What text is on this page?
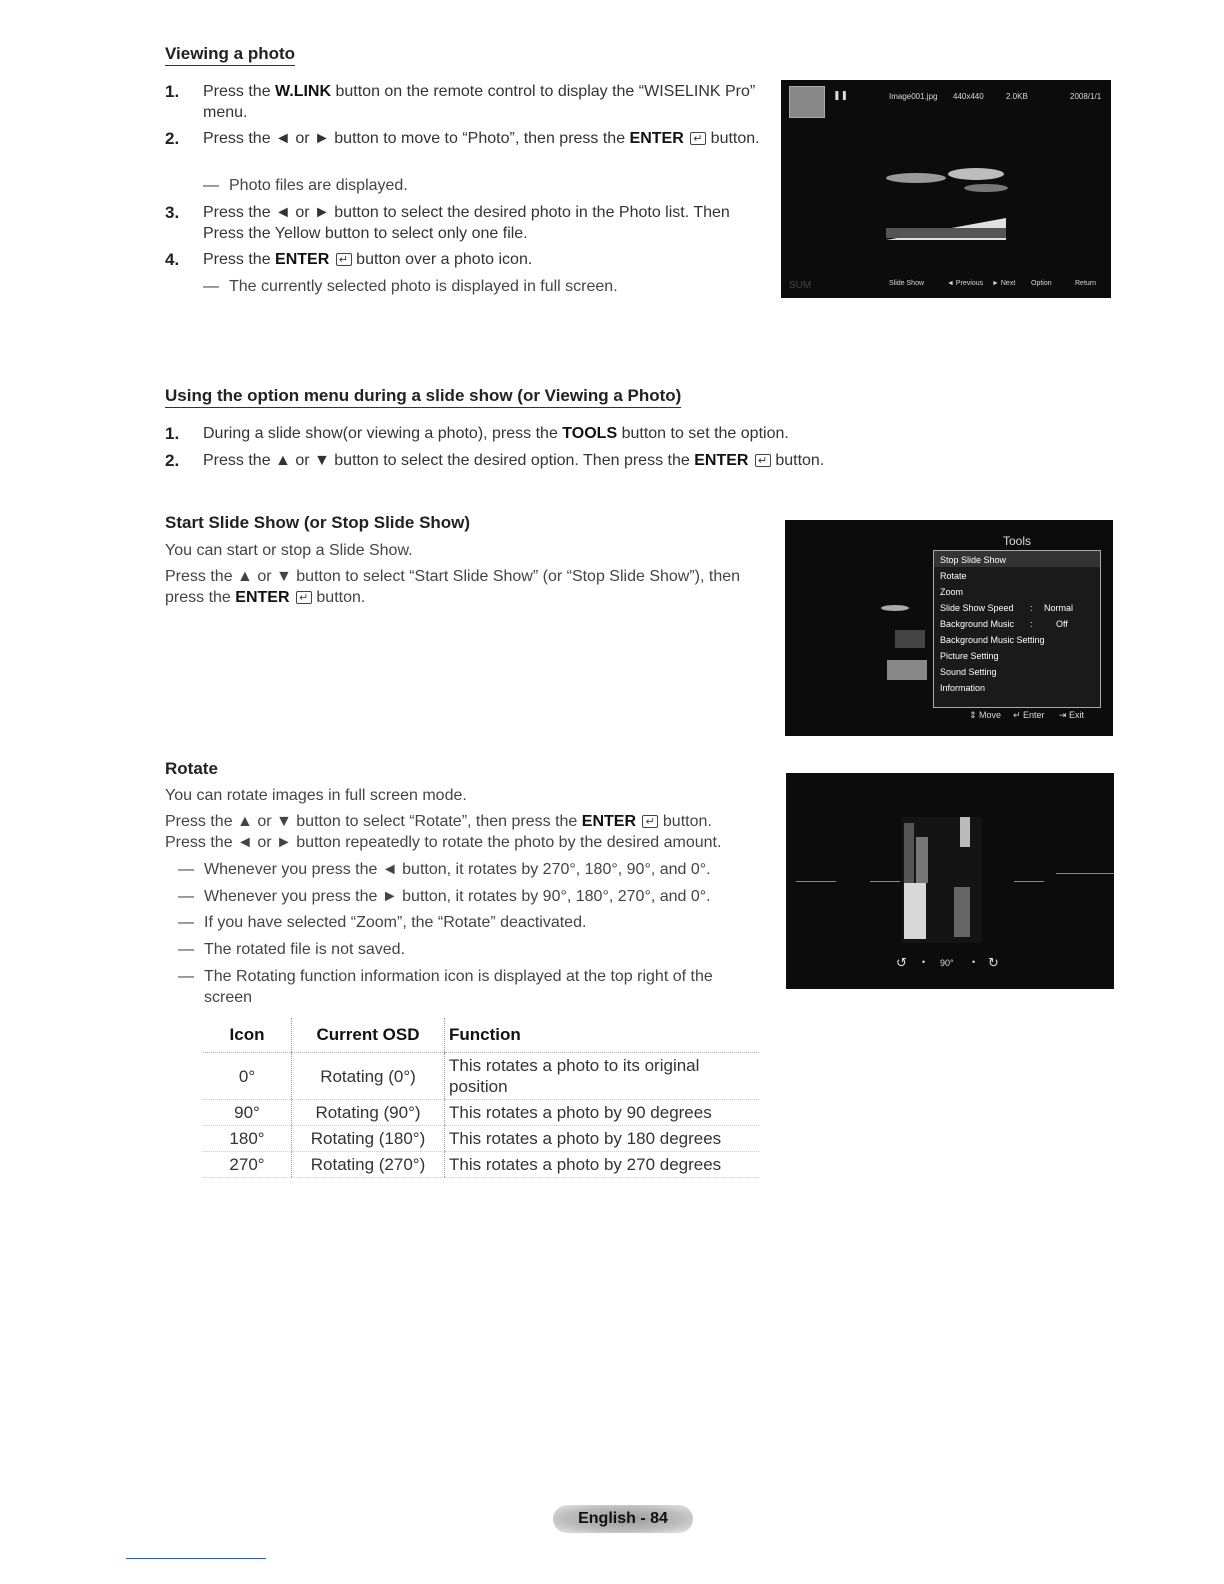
Viewing a photo
1. Press the W.LINK button on the remote control to display the “WISELINK Pro” menu.
2. Press the ◄ or ► button to move to “Photo”, then press the ENTER ↵ button.
— Photo files are displayed.
3. Press the ◄ or ► button to select the desired photo in the Photo list. Then Press the Yellow button to select only one file.
4. Press the ENTER ↵ button over a photo icon.
— The currently selected photo is displayed in full screen.
❚❚	Image001.jpg 440x440	2.0KB	2008/1/1
SUM	Slide Show	◄ Previous ► Next Option	Return
Using the option menu during a slide show (or Viewing a Photo)
1. During a slide show(or viewing a photo), press the TOOLS button to set the option.
2. Press the ▲ or ▼ button to select the desired option. Then press the ENTER ↵ button.
Start Slide Show (or Stop Slide Show)
You can start or stop a Slide Show.
Press the ▲ or ▼ button to select “Start Slide Show” (or “Stop Slide Show”), then press the ENTER ↵ button.
Tools
Stop Slide Show
Rotate
Zoom
Slide Show Speed : Normal
Background Music :	Off
Background Music Setting
Picture Setting
Sound Setting
Information
⇕ Move ↵ Enter ⇥ Exit
Rotate
You can rotate images in full screen mode.
Press the ▲ or ▼ button to select “Rotate”, then press the ENTER ↵ button.
Press the ◄ or ► button repeatedly to rotate the photo by the desired amount.
— Whenever you press the ◄ button, it rotates by 270°, 180°, 90°, and 0°.
— Whenever you press the ► button, it rotates by 90°, 180°, 270°, and 0°.
— If you have selected “Zoom”, the “Rotate” deactivated.
— The rotated file is not saved.
— The Rotating function information icon is displayed at the top right of the screen
↺ • 90° • ↻
Icon	Current OSD	Function
0°	Rotating (0°)	This rotates a photo to its original position
90°	Rotating (90°)	This rotates a photo by 90 degrees
180°	Rotating (180°)	This rotates a photo by 180 degrees
270°	Rotating (270°)	This rotates a photo by 270 degrees
English - 84
